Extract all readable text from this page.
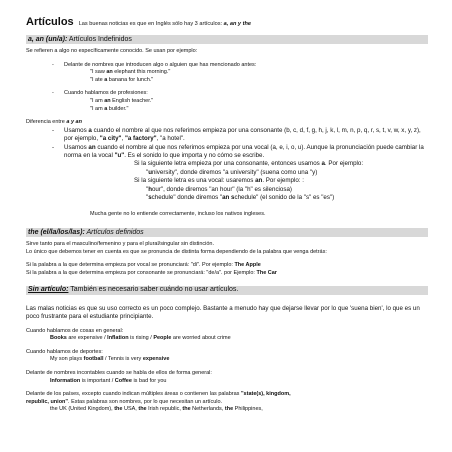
Artículos Las buenas noticias es que en Inglés sólo hay 3 artículos: a, an y the
a, an (un/a): Artículos Indefinidos

Se refieren a algo no específicamente conocido. Se usan por ejemplo:

-	Delante de nombres que introducen algo o alguien que has mencionado antes:

"I saw an elephant this morning."

"I ate a banana for lunch."

-	Cuando hablamos de profesiones:

"I am an English teacher."

"I am a builder."

Diferencia entre a y an

-	Usamos a cuando el nombre al que nos referimos empieza por una consonante (b, c, d, f, g, h, j, k, l, m, n, p, q, r, s, t, v, w, x, y, z), por ejemplo, "a city", "a factory", "a hotel".
-	Usamos an cuando el nombre al que nos referimos empieza por una vocal (a, e, i, o, u). Aunque la pronunciación puede cambiar la norma en la vocal "u". Es el sonido lo que importa y no cómo se escribe.

Si la siguiente letra empieza por una consonante, entonces usamos a. Por ejemplo:

"university", donde diremos "a university" (suena como una "y)

Si la siguiente letra es una vocal: usaremos an. Por ejemplo: :

"hour", donde diremos "an hour" (la "h" es silenciosa)

"schedule" donde diremos "an schedule" (el sonido de la "s" es "es")

Mucha gente no lo entiende correctamente, incluso los nativos ingleses.

the (el/la/los/las): Artículos definidos

Sirve tanto para el masculino/femenino y para el plural/singular sin distinción.

Lo único que debemos tener en cuenta es que se pronuncia de distinta forma dependiendo de la palabra que venga detrás:

Si la palabra a la que determina empieza por vocal se pronunciará: "di". Por ejemplo: The Apple

Si la palabra a la que determina empieza por consonante se pronunciará: "de/a". por Ejemplo: The Car

Sin artículo: También es necesario saber cuándo no usar artículos.

Las malas noticias es que su uso correcto es un poco complejo. Bastante a menudo hay que dejarse llevar por lo que 'suena bien', lo que es un poco frustrante para el estudiante principiante.

Cuando hablamos de cosas en general:

Books are expensive / Inflation is rising / People are worried about crime

Cuando hablamos de deportes:

My son plays football / Tennis is very expensive

Delante de nombres incontables cuando se habla de ellos de forma general:

Information is important / Coffee is bad for you

Delante de los países, excepto cuando indican múltiples áreas o contienen las palabras "state(s), kingdom,

republic, union". Estas palabras son nombres, por lo que necesitan un artículo.

the UK (United Kingdom), the USA, the Irish republic, the Netherlands, the Philippines,
